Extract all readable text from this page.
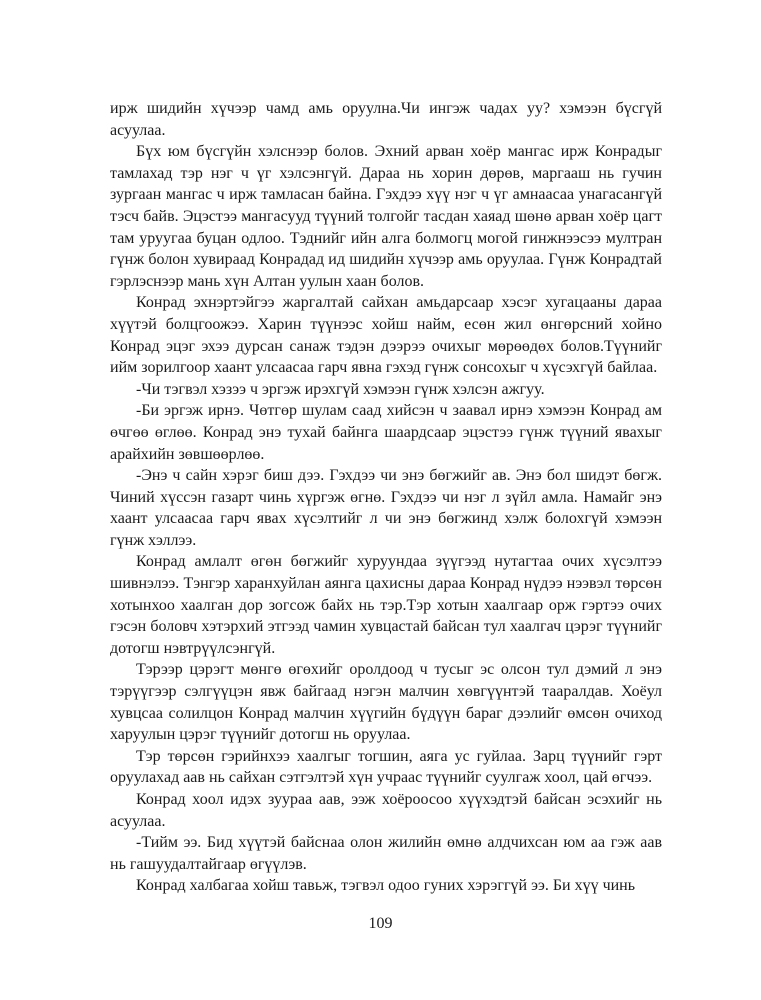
ирж шидийн хүчээр чамд амь оруулна.Чи ингэж чадах уу? хэмээн бүсгүй асуулаа.

Бүх юм бүсгүйн хэлснээр болов. Эхний арван хоёр мангас ирж Конрадыг тамлахад тэр нэг ч үг хэлсэнгүй. Дараа нь хорин дөрөв, маргааш нь гучин зургаан мангас ч ирж тамласан байна. Гэхдээ хүү нэг ч үг амнаасаа унагасангүй тэсч байв. Эцэстээ мангасууд түүний толгойг тасдан хаяад шөнө арван хоёр цагт там уруугаа буцан одлоо. Тэднийг ийн алга болмогц могой гинжнээсээ мултран гүнж болон хувираад Конрадад ид шидийн хүчээр амь оруулаа. Гүнж Конрадтай гэрлэснээр мань хүн Алтан уулын хаан болов.

Конрад эхнэртэйгээ жаргалтай сайхан амьдарсаар хэсэг хугацааны дараа хүүтэй болцгоожээ. Харин түүнээс хойш найм, есөн жил өнгөрсний хойно Конрад эцэг эхээ дурсан санаж тэдэн дээрээ очихыг мөрөөдөх болов.Түүнийг ийм зорилгоор хаант улсаасаа гарч явна гэхэд гүнж сонсохыг ч хүсэхгүй байлаа.

-Чи тэгвэл хэзээ ч эргэж ирэхгүй хэмээн гүнж хэлсэн ажгуу.

-Би эргэж ирнэ. Чөтгөр шулам саад хийсэн ч заавал ирнэ хэмээн Конрад ам өчгөө өглөө. Конрад энэ тухай байнга шаардсаар эцэстээ гүнж түүний явахыг арайхийн зөвшөөрлөө.

-Энэ ч сайн хэрэг биш дээ. Гэхдээ чи энэ бөгжийг ав. Энэ бол шидэт бөгж. Чиний хүссэн газарт чинь хүргэж өгнө. Гэхдээ чи нэг л зүйл амла. Намайг энэ хаант улсаасаа гарч явах хүсэлтийг л чи энэ бөгжинд хэлж болохгүй хэмээн гүнж хэллээ.

Конрад амлалт өгөн бөгжийг хуруундаа зүүгээд нутагтаа очих хүсэлтээ шивнэлээ. Тэнгэр харанхуйлан аянга цахисны дараа Конрад нүдээ нээвэл төрсөн хотынхоо хаалган дор зогсож байх нь тэр.Тэр хотын хаалгаар орж гэртээ очих гэсэн боловч хэтэрхий этгээд чамин хувцастай байсан тул хаалгач цэрэг түүнийг дотогш нэвтрүүлсэнгүй.

Тэрээр цэрэгт мөнгө өгөхийг оролдоод ч тусыг эс олсон тул дэмий л энэ тэрүүгээр сэлгүүцэн явж байгаад нэгэн малчин хөвгүүнтэй тааралдав. Хоёул хувцсаа солилцон Конрад малчин хүүгийн бүдүүн бараг дээлийг өмсөн очиход харуулын цэрэг түүнийг дотогш нь оруулаа.

Тэр төрсөн гэрийнхээ хаалгыг тогшин, аяга ус гуйлаа. Зарц түүнийг гэрт оруулахад аав нь сайхан сэтгэлтэй хүн учраас түүнийг суулгаж хоол, цай өгчээ.

Конрад хоол идэх зуураа аав, ээж хоёроосоо хүүхэдтэй байсан эсэхийг нь асуулаа.

-Тийм ээ. Бид хүүтэй байснаа олон жилийн өмнө алдчихсан юм аа гэж аав нь гашуудалтайгаар өгүүлэв.

Конрад халбагаа хойш тавьж, тэгвэл одоо гуних хэрэггүй ээ. Би хүү чинь

109
